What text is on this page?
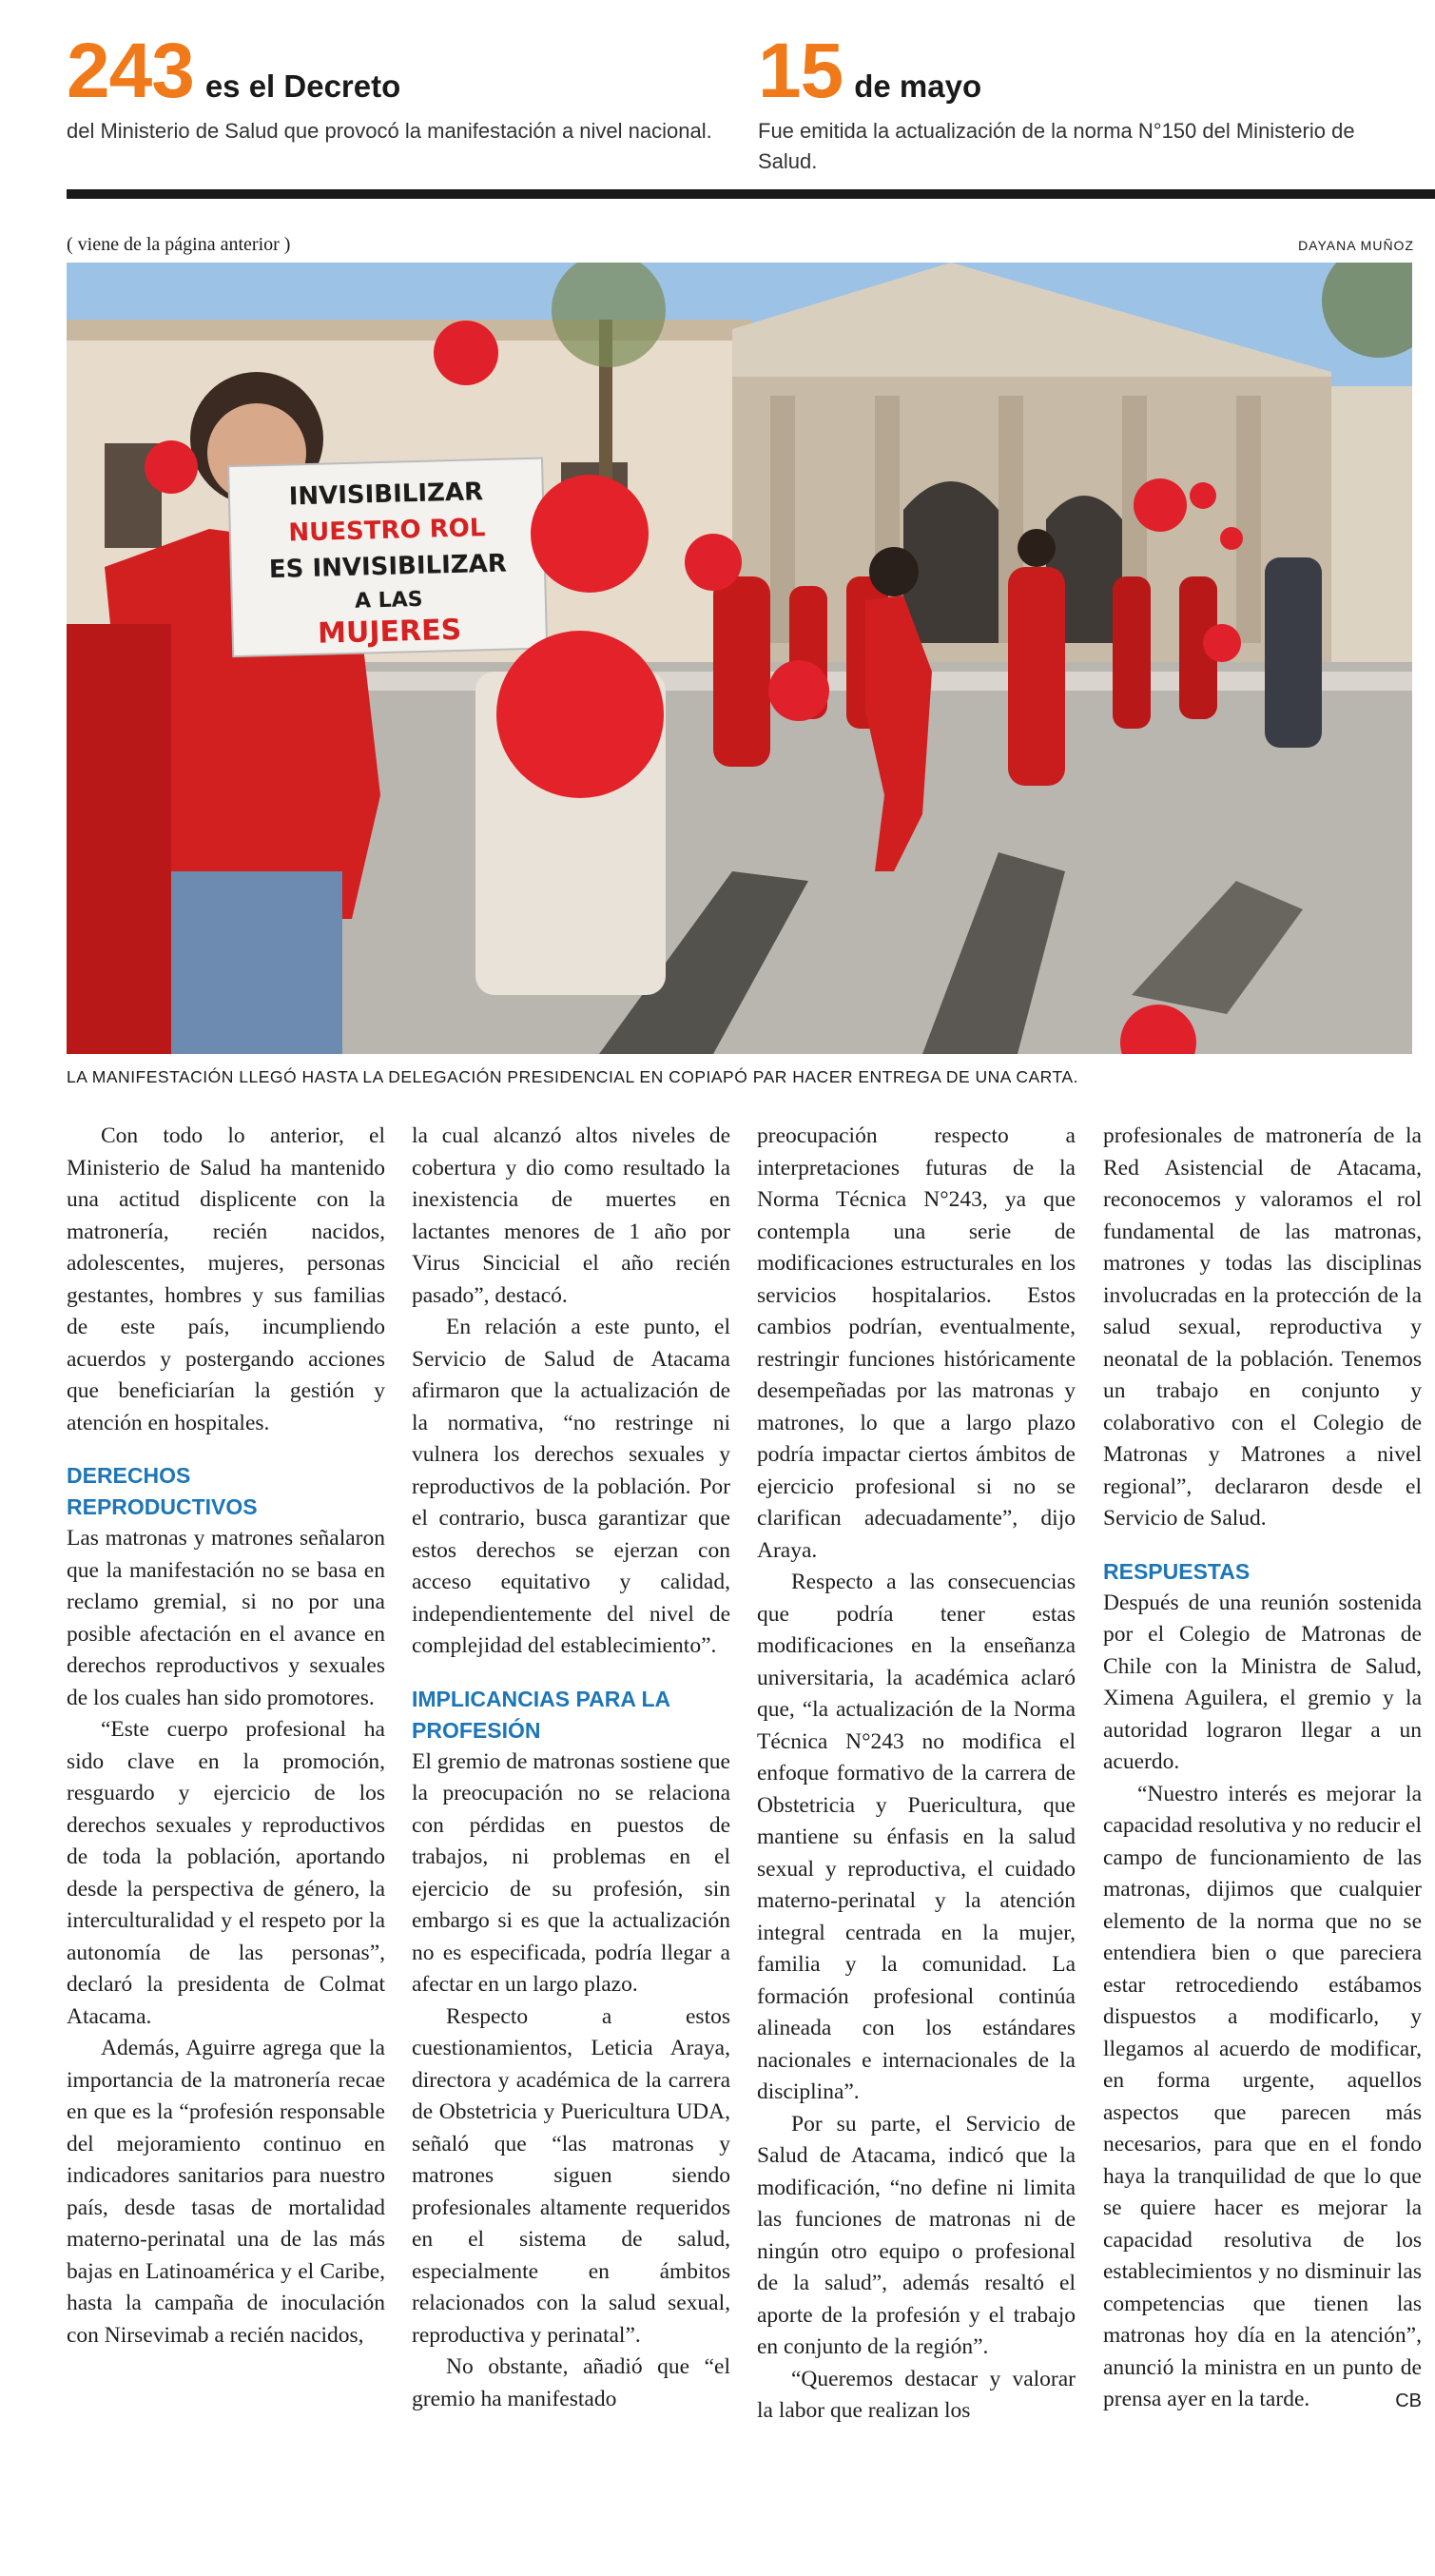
243 es el Decreto
del Ministerio de Salud que provocó la manifestación a nivel nacional.
15 de mayo
Fue emitida la actualización de la norma N°150 del Ministerio de Salud.
( viene de la página anterior )	DAYANA MUÑOZ
INVISIBILIZAR
NUESTRO ROL
ES INVISIBILIZAR
A LAS
MUJERES
LA MANIFESTACIÓN LLEGÓ HASTA LA DELEGACIÓN PRESIDENCIAL EN COPIAPÓ PAR HACER ENTREGA DE UNA CARTA.

Con todo lo anterior, el Ministerio de Salud ha mantenido una actitud displicente con la matronería, recién nacidos, adolescentes, mujeres, personas gestantes, hombres y sus familias de este país, incumpliendo acuerdos y postergando acciones que beneficiarían la gestión y atención en hospitales.

DERECHOS REPRODUCTIVOS

Las matronas y matrones señalaron que la manifestación no se basa en reclamo gremial, si no por una posible afectación en el avance en derechos reproductivos y sexuales de los cuales han sido promotores.

“Este cuerpo profesional ha sido clave en la promoción, resguardo y ejercicio de los derechos sexuales y reproductivos de toda la población, aportando desde la perspectiva de género, la interculturalidad y el respeto por la autonomía de las personas”, declaró la presidenta de Colmat Atacama.

Además, Aguirre agrega que la importancia de la matronería recae en que es la “profesión responsable del mejoramiento continuo en indicadores sanitarios para nuestro país, desde tasas de mortalidad materno-perinatal una de las más bajas en Latinoamérica y el Caribe, hasta la campaña de inoculación con Nirsevimab a recién nacidos,

la cual alcanzó altos niveles de cobertura y dio como resultado la inexistencia de muertes en lactantes menores de 1 año por Virus Sincicial el año recién pasado”, destacó.

En relación a este punto, el Servicio de Salud de Atacama afirmaron que la actualización de la normativa, “no restringe ni vulnera los derechos sexuales y reproductivos de la población. Por el contrario, busca garantizar que estos derechos se ejerzan con acceso equitativo y calidad, independientemente del nivel de complejidad del establecimiento”.

IMPLICANCIAS PARA LA PROFESIÓN

El gremio de matronas sostiene que la preocupación no se relaciona con pérdidas en puestos de trabajos, ni problemas en el ejercicio de su profesión, sin embargo si es que la actualización no es especificada, podría llegar a afectar en un largo plazo.

Respecto a estos cuestionamientos, Leticia Araya, directora y académica de la carrera de Obstetricia y Puericultura UDA, señaló que “las matronas y matrones siguen siendo profesionales altamente requeridos en el sistema de salud, especialmente en ámbitos relacionados con la salud sexual, reproductiva y perinatal”.

No obstante, añadió que “el gremio ha manifestado

preocupación respecto a interpretaciones futuras de la Norma Técnica N°243, ya que contempla una serie de modificaciones estructurales en los servicios hospitalarios. Estos cambios podrían, eventualmente, restringir funciones históricamente desempeñadas por las matronas y matrones, lo que a largo plazo podría impactar ciertos ámbitos de ejercicio profesional si no se clarifican adecuadamente”, dijo Araya.

Respecto a las consecuencias que podría tener estas modificaciones en la enseñanza universitaria, la académica aclaró que, “la actualización de la Norma Técnica N°243 no modifica el enfoque formativo de la carrera de Obstetricia y Puericultura, que mantiene su énfasis en la salud sexual y reproductiva, el cuidado materno-perinatal y la atención integral centrada en la mujer, familia y la comunidad. La formación profesional continúa alineada con los estándares nacionales e internacionales de la disciplina”.

Por su parte, el Servicio de Salud de Atacama, indicó que la modificación, “no define ni limita las funciones de matronas ni de ningún otro equipo o profesional de la salud”, además resaltó el aporte de la profesión y el trabajo en conjunto de la región”.

“Queremos destacar y valorar la labor que realizan los

profesionales de matronería de la Red Asistencial de Atacama, reconocemos y valoramos el rol fundamental de las matronas, matrones y todas las disciplinas involucradas en la protección de la salud sexual, reproductiva y neonatal de la población. Tenemos un trabajo en conjunto y colaborativo con el Colegio de Matronas y Matrones a nivel regional”, declararon desde el Servicio de Salud.

RESPUESTAS

Después de una reunión sostenida por el Colegio de Matronas de Chile con la Ministra de Salud, Ximena Aguilera, el gremio y la autoridad lograron llegar a un acuerdo.

“Nuestro interés es mejorar la capacidad resolutiva y no reducir el campo de funcionamiento de las matronas, dijimos que cualquier elemento de la norma que no se entendiera bien o que pareciera estar retrocediendo estábamos dispuestos a modificarlo, y llegamos al acuerdo de modificar, en forma urgente, aquellos aspectos que parecen más necesarios, para que en el fondo haya la tranquilidad de que lo que se quiere hacer es mejorar la capacidad resolutiva de los establecimientos y no disminuir las competencias que tienen las matronas hoy día en la atención”, anunció la ministra en un punto de prensa ayer en la tarde.	CB
